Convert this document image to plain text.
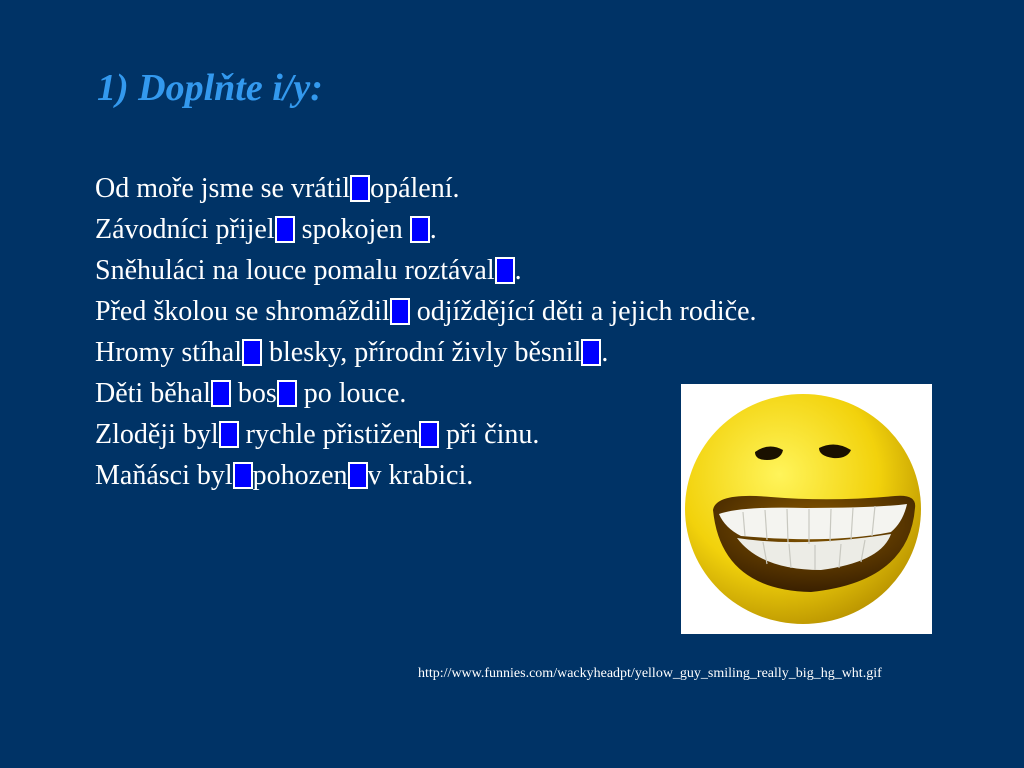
1) Doplňte i/y:
Od moře jsme se vrátil opálení.
Závodníci přijel spokojen .
Sněhuláci na louce pomalu roztával .
Před školou se shromáždil odjíždějící děti a jejich rodiče.
Hromy stíhal blesky, přírodní živly běsnil .
Děti běhal bos po louce.
Zloději byl rychle přistižen při činu.
Maňásci byl pohozen v krabici.
http://www.funnies.com/wackyheadpt/yellow_guy_smiling_really_big_hg_wht.gif
